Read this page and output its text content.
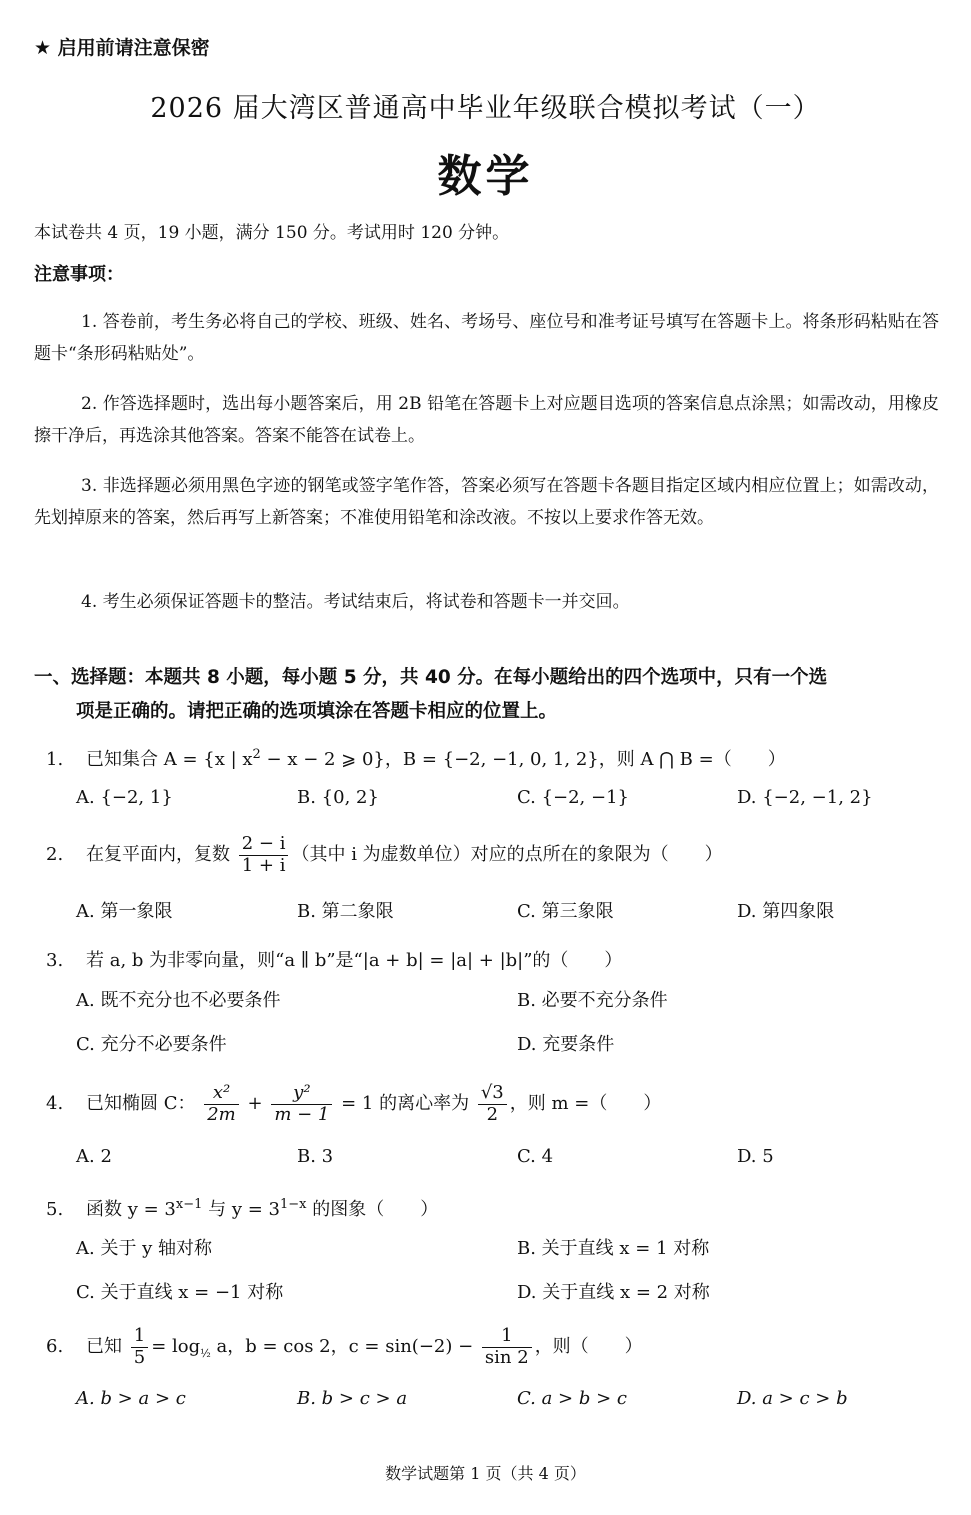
★ 启用前请注意保密
2026 届大湾区普通高中毕业年级联合模拟考试（一）
数学
本试卷共 4 页，19 小题，满分 150 分。考试用时 120 分钟。
注意事项：

1. 答卷前，考生务必将自己的学校、班级、姓名、考场号、座位号和准考证号填写在答题卡上。将条形码粘贴在答题卡“条形码粘贴处”。

2. 作答选择题时，选出每小题答案后，用 2B 铅笔在答题卡上对应题目选项的答案信息点涂黑；如需改动，用橡皮擦干净后，再选涂其他答案。答案不能答在试卷上。

3. 非选择题必须用黑色字迹的钢笔或签字笔作答，答案必须写在答题卡各题目指定区域内相应位置上；如需改动，先划掉原来的答案，然后再写上新答案；不准使用铅笔和涂改液。不按以上要求作答无效。

4. 考生必须保证答题卡的整洁。考试结束后，将试卷和答题卡一并交回。

一、选择题：本题共 8 小题，每小题 5 分，共 40 分。在每小题给出的四个选项中，只有一个选
项是正确的。请把正确的选项填涂在答题卡相应的位置上。
1. 已知集合 A = {x | $x^2 - x - 2$ ⩾ 0}，B = {−2, −1, 0, 1, 2}，则 A ⋂ B =（　　）
A. {−2, 1}	B. {0, 2}	C. {−2, −1}	D. {−2, −1, 2}
2. 在复平面内，复数 $\frac{2 - i}{1 + i}$ （其中 i 为虚数单位）对应的点所在的象限为（　　）
A. 第一象限	B. 第二象限	C. 第三象限	D. 第四象限
3. 若 a, b 为非零向量，则“a ∥ b”是“|a + b| = |a| + |b|”的（　　）
A. 既不充分也不必要条件	B. 必要不充分条件
C. 充分不必要条件	D. 充要条件
4. 已知椭圆 C： $\frac{\text{x²}}{2m} + \frac{\text{y²}}{m - 1} = 1$ 的离心率为 $\frac{√3}{2}$ ，则 m =（　　）
A. 2	B. 3	C. 4	D. 5
5. 函数 $y = 3^{x-1}$ 与 $y = 3^{1-x}$ 的图象（　　）
A. 关于 y 轴对称	B. 关于直线 x = 1 对称
C. 关于直线 x = −1 对称	D. 关于直线 x = 2 对称
6. 已知 $\frac{1}{5} = \log_{\frac{1}{2}} a$，b = cos 2，$c = \sin(-2) - \frac{1}{\sin 2}$ ，则（　　）
A. b > a > c	B. b > c > a	C. a > b > c	D. a > c > b
数学试题第 1 页（共 4 页）
